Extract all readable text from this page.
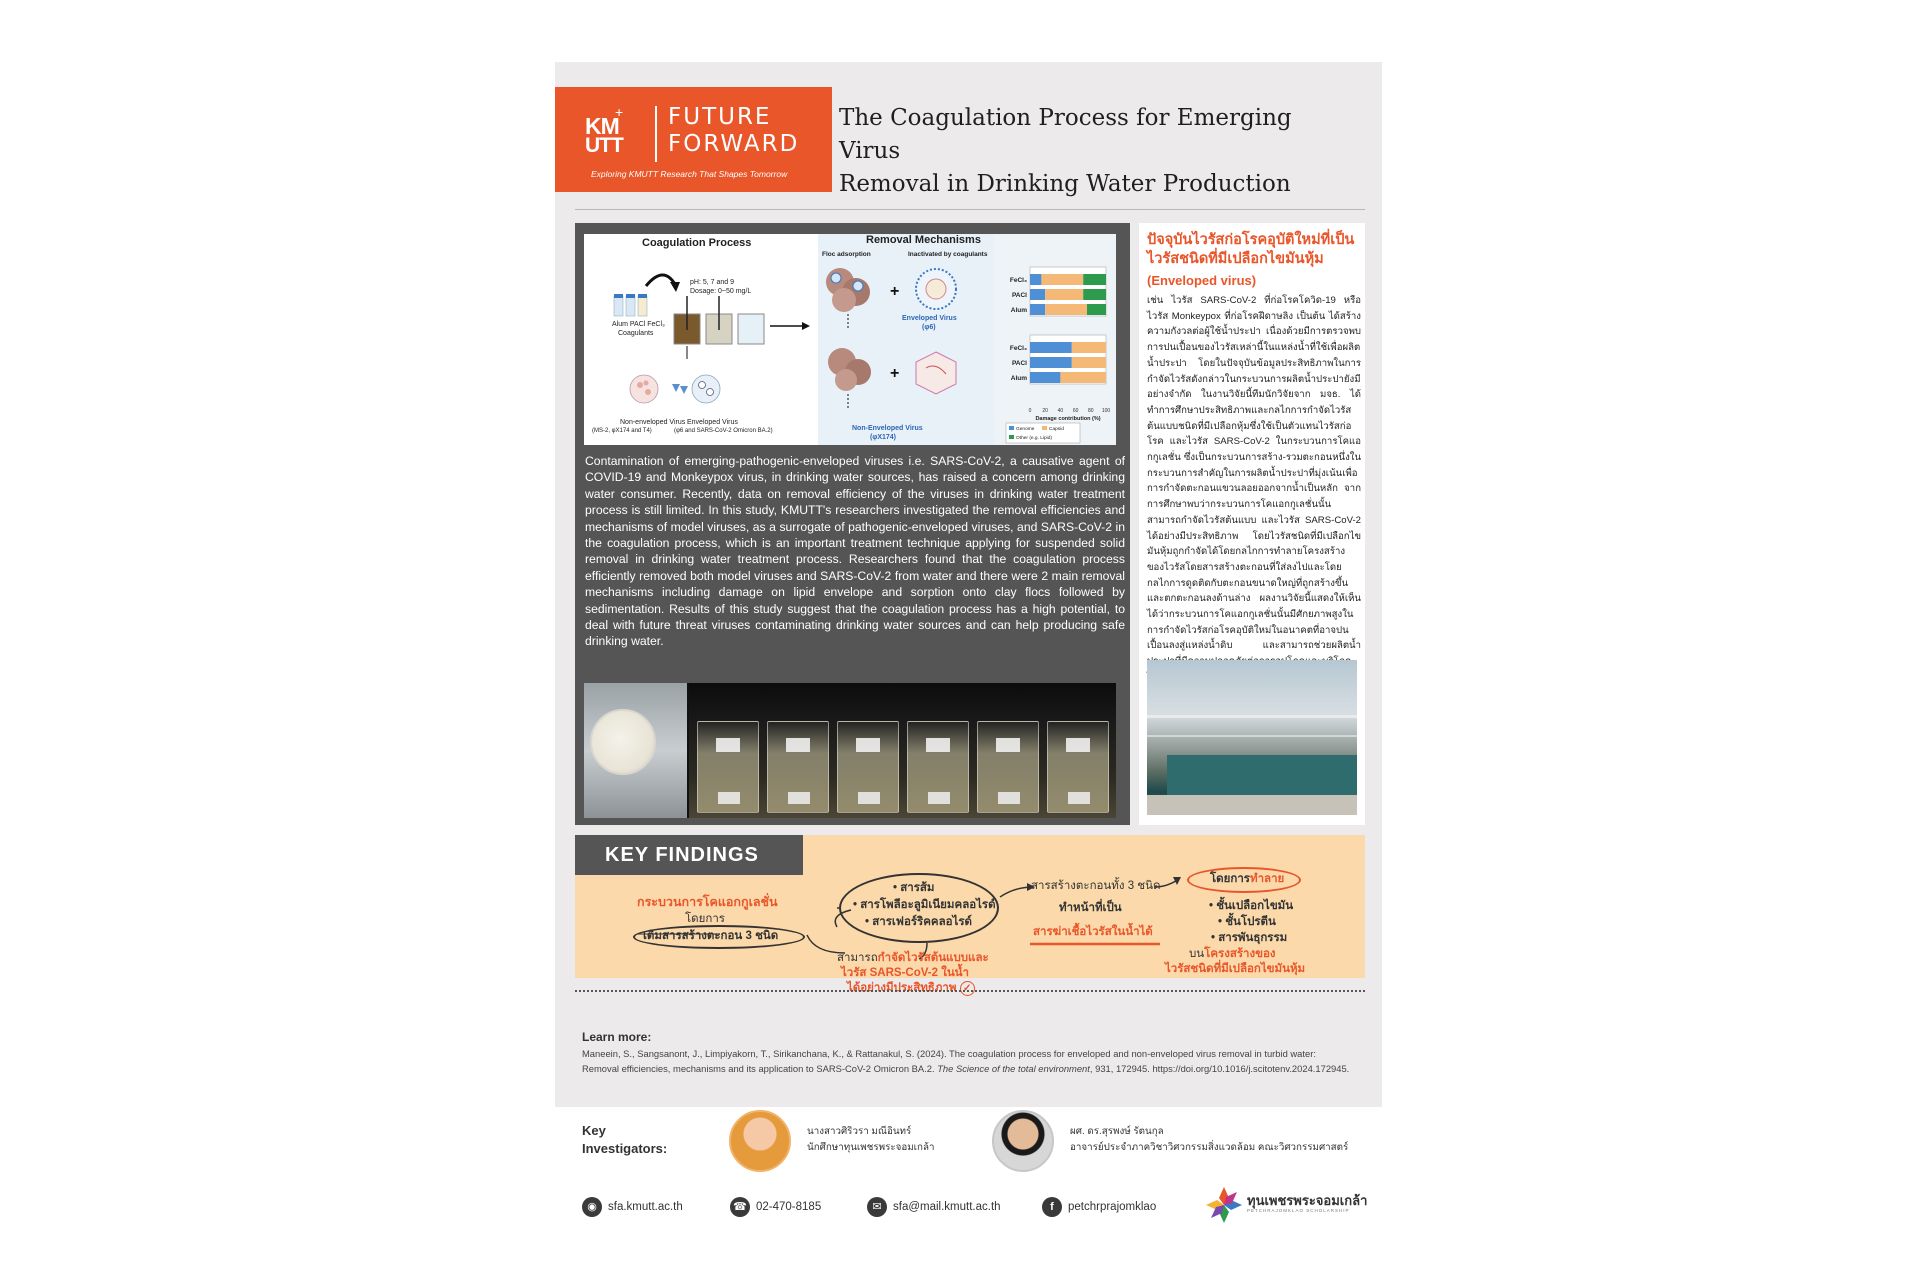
KM
+
UTT
FUTURE
FORWARD
Exploring KMUTT Research That Shapes Tomorrow
The Coagulation Process for Emerging Virus
Removal in Drinking Water Production
Coagulation Process
pH: 5, 7 and 9
Dosage: 0~50 mg/L
Alum PACl FeCl₃
Coagulants
Non-enveloped Virus Enveloped Virus
(MS-2, φX174 and T4)	(φ6 and SARS-CoV-2 Omicron BA.2)
Removal Mechanisms
Floc adsorption	Inactivated by coagulants
+
+
Enveloped Virus
(φ6)
Non-Enveloped Virus
(φX174)
FeCl₃
PACl
Alum
FeCl₃
PACl
Alum
0 20 40 60 80 100
Damage contribution (%)
Genome	Capsid
Other (e.g. Lipid)
Contamination of emerging-pathogenic-enveloped viruses i.e. SARS-CoV-2, a causative agent of COVID-19 and Monkeypox virus, in drinking water sources, has raised a concern among drinking water consumer. Recently, data on removal efficiency of the viruses in drinking water treatment process is still limited. In this study, KMUTT's researchers investigated the removal efficiencies and mechanisms of model viruses, as a surrogate of pathogenic-enveloped viruses, and SARS-CoV-2 in the coagulation process, which is an important treatment technique applying for suspended solid removal in drinking water treatment process. Researchers found that the coagulation process efficiently removed both model viruses and SARS-CoV-2 from water and there were 2 main removal mechanisms including damage on lipid envelope and sorption onto clay flocs followed by sedimentation. Results of this study suggest that the coagulation process has a high potential, to deal with future threat viruses contaminating drinking water sources and can help producing safe drinking water.
ปัจจุบันไวรัสก่อโรคอุบัติใหม่ที่เป็นไวรัสชนิดที่มีเปลือกไขมันหุ้ม
(Enveloped virus)
เช่น ไวรัส SARS-CoV-2 ที่ก่อโรคโควิด-19 หรือ ไวรัส Monkeypox ที่ก่อโรคฝีดาษลิง เป็นต้น ได้สร้างความกังวลต่อผู้ใช้น้ำประปา เนื่องด้วยมีการตรวจพบการปนเปื้อนของไวรัสเหล่านี้ในแหล่งน้ำที่ใช้เพื่อผลิตน้ำประปา โดยในปัจจุบันข้อมูลประสิทธิภาพในการกำจัดไวรัสดังกล่าวในกระบวนการผลิตน้ำประปายังมีอย่างจำกัด ในงานวิจัยนี้ทีมนักวิจัยจาก มจธ. ได้ทำการศึกษาประสิทธิภาพและกลไกการกำจัดไวรัสต้นแบบชนิดที่มีเปลือกหุ้มซึ่งใช้เป็นตัวแทนไวรัสก่อโรค และไวรัส SARS-CoV-2 ในกระบวนการโคแอกกูเลชั่น ซึ่งเป็นกระบวนการสร้าง-รวมตะกอนหนึ่งในกระบวนการสำคัญในการผลิตน้ำประปาที่มุ่งเน้นเพื่อการกำจัดตะกอนแขวนลอยออกจากน้ำเป็นหลัก จากการศึกษาพบว่ากระบวนการโคแอกกูเลชั่นนั้นสามารถกำจัดไวรัสต้นแบบ และไวรัส SARS-CoV-2 ได้อย่างมีประสิทธิภาพ โดยไวรัสชนิดที่มีเปลือกไขมันหุ้มถูกกำจัดได้โดยกลไกการทำลายโครงสร้างของไวรัสโดยสารสร้างตะกอนที่ใส่ลงไปและโดยกลไกการดูดติดกับตะกอนขนาดใหญ่ที่ถูกสร้างขึ้นและตกตะกอนลงด้านล่าง ผลงานวิจัยนี้แสดงให้เห็นได้ว่ากระบวนการโคแอกกูเลชั่นนั้นมีศักยภาพสูงในการกำจัดไวรัสก่อโรคอุบัติใหม่ในอนาคตที่อาจปนเปื้อนลงสู่แหล่งน้ำดิบ และสามารถช่วยผลิตน้ำ
KEY FINDINGS
กระบวนการโคแอกกูเลชั่น
โดยการ
เติมสารสร้างตะกอน 3 ชนิด
• สารส้ม
• สารโพลีอะลูมิเนียมคลอไรด์
• สารเฟอร์ริคคลอไรด์
สามารถกำจัดไวรัสต้นแบบและ
ไวรัส SARS-CoV-2 ในน้ำ
ได้อย่างมีประสิทธิภาพ ✓
สารสร้างตะกอนทั้ง 3 ชนิด
ทำหน้าที่เป็น
สารฆ่าเชื้อไวรัสในน้ำได้
โดยการทำลาย
• ชั้นเปลือกไขมัน
• ชั้นโปรตีน
• สารพันธุกรรม
บนโครงสร้างของ
ไวรัสชนิดที่มีเปลือกไขมันหุ้ม
Learn more:
Maneein, S., Sangsanont, J., Limpiyakorn, T., Sirikanchana, K., & Rattanakul, S. (2024). The coagulation process for enveloped and non-enveloped virus removal in turbid water: Removal efficiencies, mechanisms and its application to SARS-CoV-2 Omicron BA.2. The Science of the total environment, 931, 172945. https://doi.org/10.1016/j.scitotenv.2024.172945.
Key
Investigators:
นางสาวศิริวรา มณีอินทร์
นักศึกษาทุนเพชรพระจอมเกล้า
ผศ. ดร.สุรพงษ์ รัตนกุล
อาจารย์ประจำภาควิชาวิศวกรรมสิ่งแวดล้อม คณะวิศวกรรมศาสตร์
◉ sfa.kmutt.ac.th	☎ 02-470-8185	✉ sfa@mail.kmutt.ac.th	f petchrprajomklao	ทุนเพชรพระจอมเกล้า
PETCHRAJOMKLAO SCHOLARSHIP
